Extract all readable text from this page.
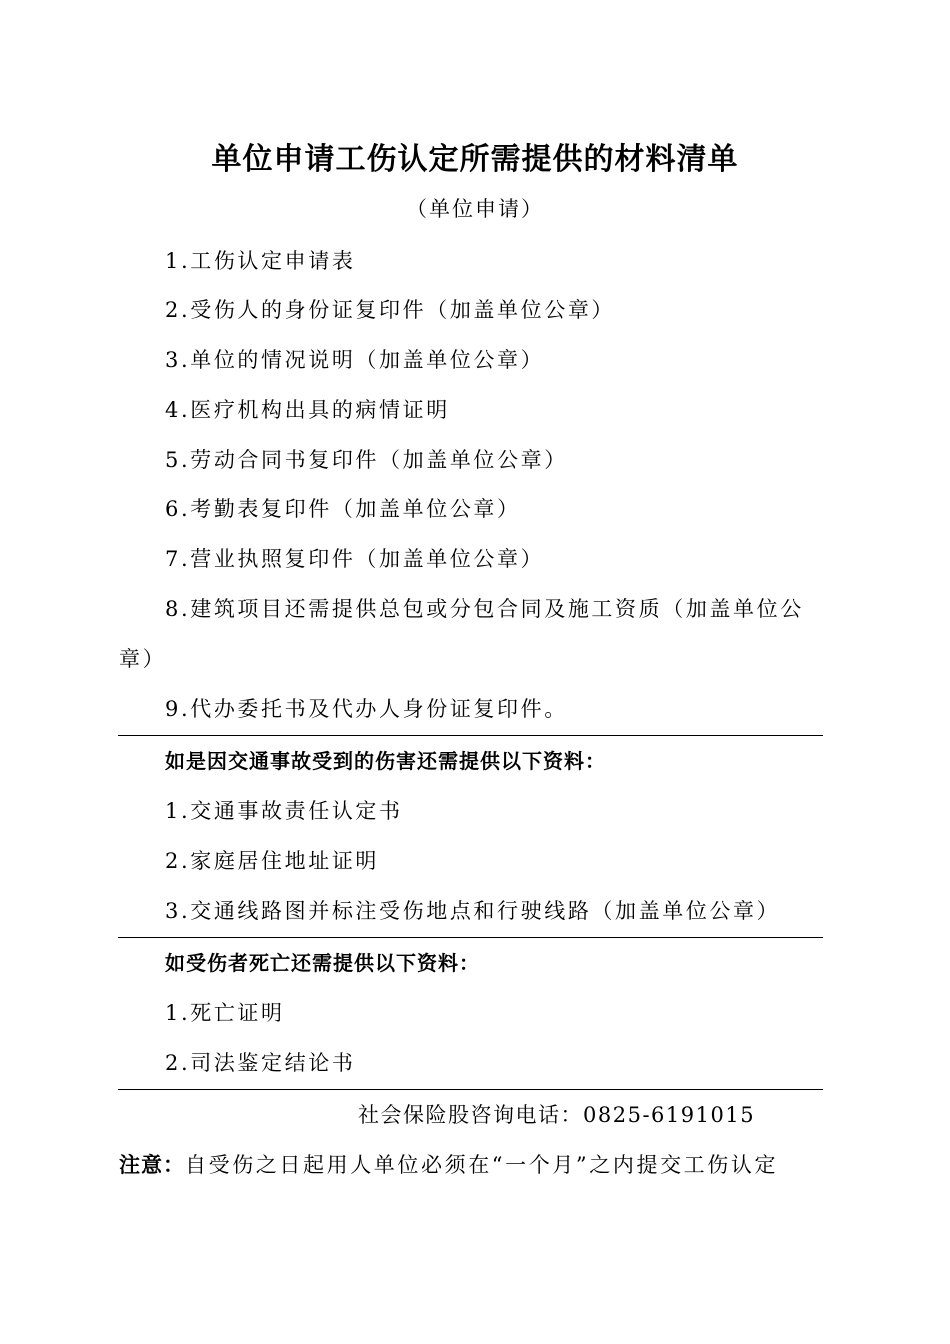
单位申请工伤认定所需提供的材料清单
（单位申请）
1.工伤认定申请表
2.受伤人的身份证复印件（加盖单位公章）
3.单位的情况说明（加盖单位公章）
4.医疗机构出具的病情证明
5.劳动合同书复印件（加盖单位公章）
6.考勤表复印件（加盖单位公章）
7.营业执照复印件（加盖单位公章）
8.建筑项目还需提供总包或分包合同及施工资质（加盖单位公
章）
9.代办委托书及代办人身份证复印件。
如是因交通事故受到的伤害还需提供以下资料：
1.交通事故责任认定书
2.家庭居住地址证明
3.交通线路图并标注受伤地点和行驶线路（加盖单位公章）
如受伤者死亡还需提供以下资料：
1.死亡证明
2.司法鉴定结论书
社会保险股咨询电话：0825-6191015
注意：自受伤之日起用人单位必须在“一个月”之内提交工伤认定
